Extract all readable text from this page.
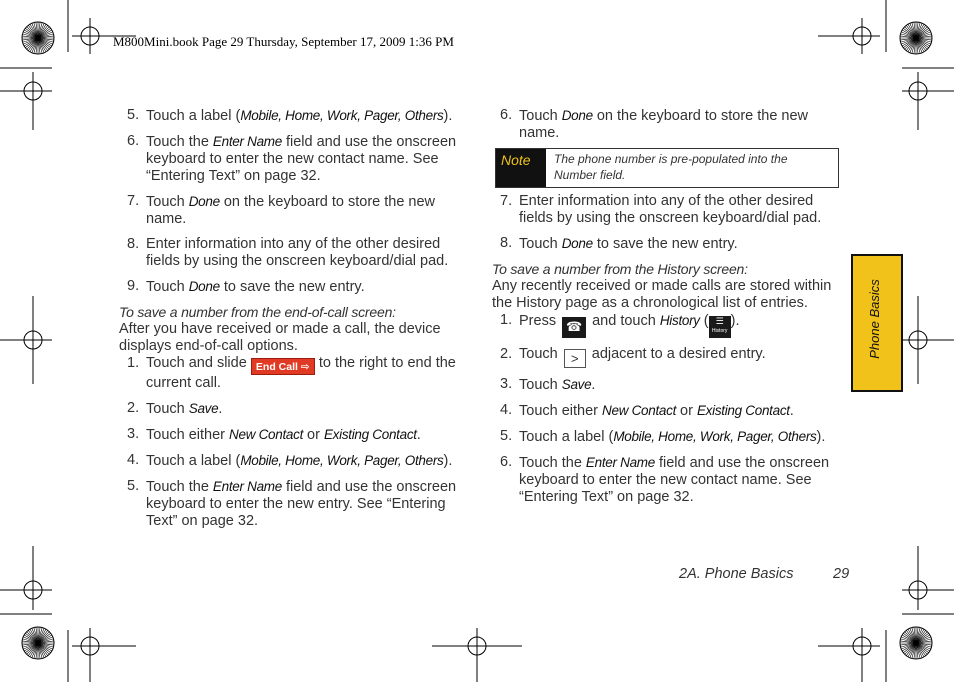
M800Mini.book Page 29 Thursday, September 17, 2009 1:36 PM
5. Touch a label (Mobile, Home, Work, Pager, Others).
6. Touch the Enter Name field and use the onscreen keyboard to enter the new contact name. See “Entering Text” on page 32.
7. Touch Done on the keyboard to store the new name.
8. Enter information into any of the other desired fields by using the onscreen keyboard/dial pad.
9. Touch Done to save the new entry.

To save a number from the end-of-call screen:

After you have received or made a call, the device displays end-of-call options.

1. Touch and slide End Call ⇨ to the right to end the current call.
2. Touch Save.
3. Touch either New Contact or Existing Contact.
4. Touch a label (Mobile, Home, Work, Pager, Others).
5. Touch the Enter Name field and use the onscreen keyboard to enter the new entry. See “Entering Text” on page 32.
6. Touch Done on the keyboard to store the new name.
Note	The phone number is pre-populated into the Number field.
7. Enter information into any of the other desired fields by using the onscreen keyboard/dial pad.
8. Touch Done to save the new entry.

To save a number from the History screen:

Any recently received or made calls are stored within the History page as a chronological list of entries.

1. Press ☎ and touch History ( ☰
History
).
2. Touch > adjacent to a desired entry.
3. Touch Save.
4. Touch either New Contact or Existing Contact.
5. Touch a label (Mobile, Home, Work, Pager, Others).
6. Touch the Enter Name field and use the onscreen keyboard to enter the new contact name. See “Entering Text” on page 32.
Phone Basics
2A. Phone Basics	29
